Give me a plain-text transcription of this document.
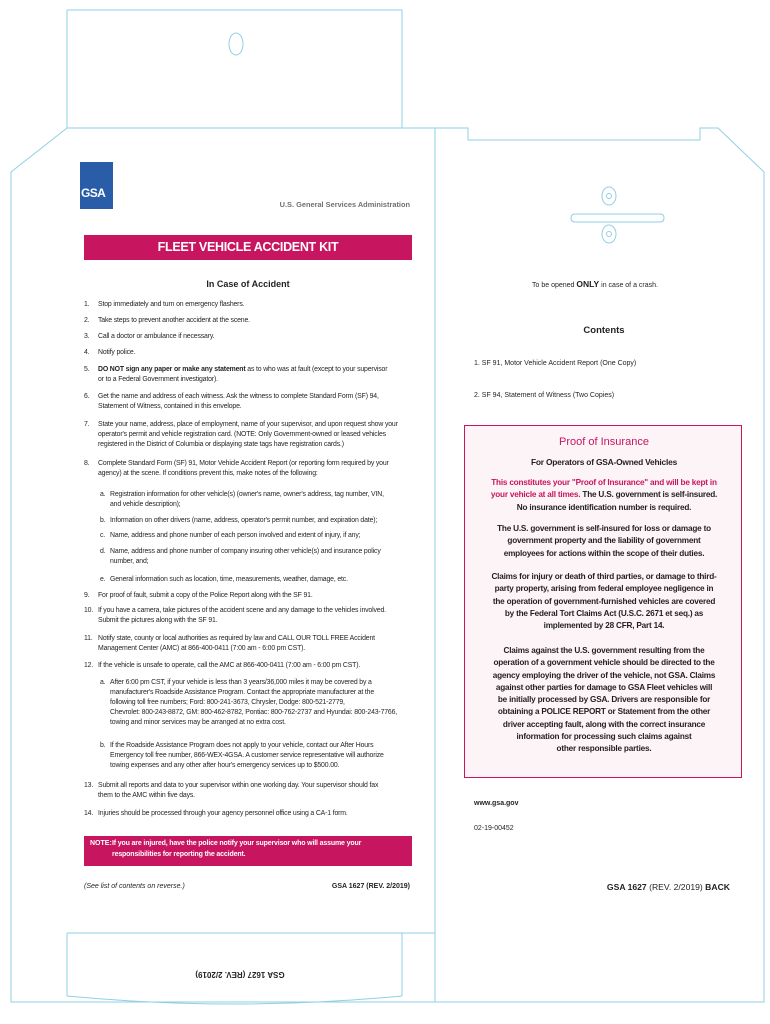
GSA
U.S. General Services Administration
FLEET VEHICLE ACCIDENT KIT
In Case of Accident
1. Stop immediately and turn on emergency flashers.
2. Take steps to prevent another accident at the scene.
3. Call a doctor or ambulance if necessary.
4. Notify police.
5. DO NOT sign any paper or make any statement as to who was at fault (except to your supervisor
or to a Federal Government investigator).
6. Get the name and address of each witness. Ask the witness to complete Standard Form (SF) 94,
Statement of Witness, contained in this envelope.
7. State your name, address, place of employment, name of your supervisor, and upon request show your
operator's permit and vehicle registration card. (NOTE: Only Government-owned or leased vehicles
registered in the District of Columbia or displaying state tags have registration cards.)
8. Complete Standard Form (SF) 91, Motor Vehicle Accident Report (or reporting form required by your
agency) at the scene. If conditions prevent this, make notes of the following:
9. For proof of fault, submit a copy of the Police Report along with the SF 91.
10. If you have a camera, take pictures of the accident scene and any damage to the vehicles involved.
Submit the pictures along with the SF 91.
11. Notify state, county or local authorities as required by law and CALL OUR TOLL FREE Accident
Management Center (AMC) at 866-400-0411 (7:00 am - 6:00 pm CST).
12. If the vehicle is unsafe to operate, call the AMC at 866-400-0411 (7:00 am - 6:00 pm CST).
13. Submit all reports and data to your supervisor within one working day. Your supervisor should fax
them to the AMC within five days.
14. Injuries should be processed through your agency personnel office using a CA-1 form.
a. Registration information for other vehicle(s) (owner's name, owner's address, tag number, VIN,
and vehicle description);
b. Information on other drivers (name, address, operator's permit number, and expiration date);
c. Name, address and phone number of each person involved and extent of injury, if any;
d. Name, address and phone number of company insuring other vehicle(s) and insurance policy
number, and;
e. General information such as location, time, measurements, weather, damage, etc.
a. After 6:00 pm CST, if your vehicle is less than 3 years/36,000 miles it may be covered by a
manufacturer's Roadside Assistance Program. Contact the appropriate manufacturer at the
following toll free numbers; Ford: 800-241-3673, Chrysler, Dodge: 800-521-2779,
Chevrolet: 800-243-8872, GM: 800-462-8782, Pontiac: 800-762-2737 and Hyundai: 800-243-7766,
towing and minor services may be arranged at no extra cost.
b. If the Roadside Assistance Program does not apply to your vehicle, contact our After Hours
Emergency toll free number, 866-WEX-4GSA. A customer service representative will authorize
towing expenses and any other after hour's emergency services up to $500.00.
NOTE: If you are injured, have the police notify your supervisor who will assume your
responsibilities for reporting the accident.
(See list of contents on reverse.)	GSA 1627 (REV. 2/2019)
GSA 1627 (REV. 2/2019)
To be opened ONLY in case of a crash.
Contents
1. SF 91, Motor Vehicle Accident Report (One Copy)
2. SF 94, Statement of Witness (Two Copies)
Proof of Insurance
For Operators of GSA-Owned Vehicles
This constitutes your "Proof of Insurance" and will be kept in
your vehicle at all times. The U.S. government is self-insured.
No insurance identification number is required.
The U.S. government is self-insured for loss or damage to
government property and the liability of government
employees for actions within the scope of their duties.
Claims for injury or death of third parties, or damage to third-
party property, arising from federal employee negligence in
the operation of government-furnished vehicles are covered
by the Federal Tort Claims Act (U.S.C. 2671 et seq.) as
implemented by 28 CFR, Part 14.
Claims against the U.S. government resulting from the
operation of a government vehicle should be directed to the
agency employing the driver of the vehicle, not GSA. Claims
against other parties for damage to GSA Fleet vehicles will
be initially processed by GSA. Drivers are responsible for
obtaining a POLICE REPORT or Statement from the other
driver accepting fault, along with the correct insurance
information for processing such claims against
other responsible parties.
www.gsa.gov
02-19-00452
GSA 1627 (REV. 2/2019) BACK
